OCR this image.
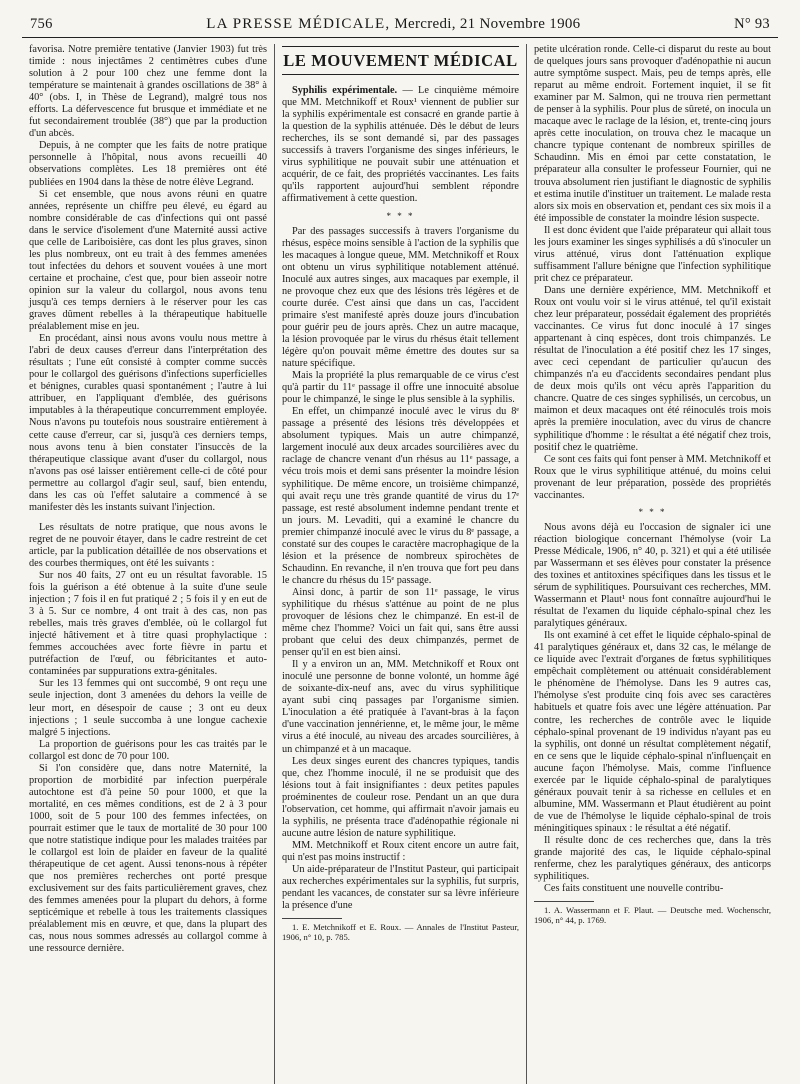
756	LA PRESSE MÉDICALE, Mercredi, 21 Novembre 1906	N° 93

favorisa. Notre première tentative (Janvier 1903) fut très timide : nous injectâmes 2 centimètres cubes d'une solution à 2 pour 100 chez une femme dont la température se maintenait à grandes oscillations de 38° à 40° (obs. I, in Thèse de Legrand), malgré tous nos efforts. La défervescence fut brusque et immédiate et ne fut secondairement troublée (38°) que par la production d'un abcès.

Depuis, à ne compter que les faits de notre pratique personnelle à l'hôpital, nous avons recueilli 40 observations complètes. Les 18 premières ont été publiées en 1904 dans la thèse de notre élève Legrand.

Si cet ensemble, que nous avons réuni en quatre années, représente un chiffre peu élevé, eu égard au nombre considérable de cas d'infections qui ont passé dans le service d'isolement d'une Maternité aussi active que celle de Lariboisière, cas dont les plus graves, sinon les plus nombreux, ont eu trait à des femmes amenées tout infectées du dehors et souvent vouées à une mort certaine et prochaine, c'est que, pour bien asseoir notre opinion sur la valeur du collargol, nous avons tenu jusqu'à ces temps derniers à le réserver pour les cas graves dûment rebelles à la thérapeutique habituelle préalablement mise en jeu.

En procédant, ainsi nous avons voulu nous mettre à l'abri de deux causes d'erreur dans l'interprétation des résultats ; l'une eût consisté à compter comme succès pour le collargol des guérisons d'infections superficielles et bénignes, curables quasi spontanément ; l'autre à lui attribuer, en l'appliquant d'emblée, des guérisons imputables à la thérapeutique concurremment employée. Nous n'avons pu toutefois nous soustraire entièrement à cette cause d'erreur, car si, jusqu'à ces derniers temps, nous avons tenu à bien constater l'insuccès de la thérapeutique classique avant d'user du collargol, nous n'avons pas osé laisser entièrement celle-ci de côté pour permettre au collargol d'agir seul, sauf, bien entendu, dans les cas où l'effet salutaire a commencé à se manifester dès les instants suivant l'injection.

Les résultats de notre pratique, que nous avons le regret de ne pouvoir étayer, dans le cadre restreint de cet article, par la publication détaillée de nos observations et des courbes thermiques, ont été les suivants :

Sur nos 40 faits, 27 ont eu un résultat favorable. 15 fois la guérison a été obtenue à la suite d'une seule injection ; 7 fois il en fut pratiqué 2 ; 5 fois il y en eut de 3 à 5. Sur ce nombre, 4 ont trait à des cas, non pas rebelles, mais très graves d'emblée, où le collargol fut injecté hâtivement et à titre quasi prophylactique : femmes accouchées avec forte fièvre in partu et putréfaction de l'œuf, ou fébricitantes et auto-contaminées par suppurations extra-génitales.

Sur les 13 femmes qui ont succombé, 9 ont reçu une seule injection, dont 3 amenées du dehors la veille de leur mort, en désespoir de cause ; 3 ont eu deux injections ; 1 seule succomba à une longue cachexie malgré 5 injections.

La proportion de guérisons pour les cas traités par le collargol est donc de 70 pour 100.

Si l'on considère que, dans notre Maternité, la proportion de morbidité par infection puerpérale autochtone est d'à peine 50 pour 1000, et que la mortalité, en ces mêmes conditions, est de 2 à 3 pour 1000, soit de 5 pour 100 des femmes infectées, on pourrait estimer que le taux de mortalité de 30 pour 100 que notre statistique indique pour les malades traitées par le collargol est loin de plaider en faveur de la qualité thérapeutique de cet agent. Aussi tenons-nous à répéter que nos premières recherches ont porté presque exclusivement sur des faits particulièrement graves, chez des femmes amenées pour la plupart du dehors, à forme septicémique et rebelle à tous les traitements classiques préalablement mis en œuvre, et que, dans la plupart des cas, nous nous sommes adressés au collargol comme à une ressource dernière.

LE MOUVEMENT MÉDICAL

Syphilis expérimentale. — Le cinquième mémoire que MM. Metchnikoff et Roux¹ viennent de publier sur la syphilis expérimentale est consacré en grande partie à la question de la syphilis atténuée. Dès le début de leurs recherches, ils se sont demandé si, par des passages successifs à travers l'organisme des singes inférieurs, le virus syphilitique ne pouvait subir une atténuation et acquérir, de ce fait, des propriétés vaccinantes. Les faits qu'ils rapportent aujourd'hui semblent répondre affirmativement à cette question.

* * *

Par des passages successifs à travers l'organisme du rhésus, espèce moins sensible à l'action de la syphilis que les macaques à longue queue, MM. Metchnikoff et Roux ont obtenu un virus syphilitique notablement atténué. Inoculé aux autres singes, aux macaques par exemple, il ne provoque chez eux que des lésions très légères et de courte durée. C'est ainsi que dans un cas, l'accident primaire s'est manifesté après douze jours d'incubation pour guérir peu de jours après. Chez un autre macaque, la lésion provoquée par le virus du rhésus était tellement légère qu'on pouvait même émettre des doutes sur sa nature spécifique.

Mais la propriété la plus remarquable de ce virus c'est qu'à partir du 11ᵉ passage il offre une innocuité absolue pour le chimpanzé, le singe le plus sensible à la syphilis.

En effet, un chimpanzé inoculé avec le virus du 8ᵉ passage a présenté des lésions très développées et absolument typiques. Mais un autre chimpanzé, largement inoculé aux deux arcades sourcilières avec du raclage de chancre venant d'un rhésus au 11ᵉ passage, a vécu trois mois et demi sans présenter la moindre lésion syphilitique. De même encore, un troisième chimpanzé, qui avait reçu une très grande quantité de virus du 17ᵉ passage, est resté absolument indemne pendant trente et un jours. M. Levaditi, qui a examiné le chancre du premier chimpanzé inoculé avec le virus du 8ᵉ passage, a constaté sur des coupes le caractère macrophagique de la lésion et la présence de nombreux spirochètes de Schaudinn. En revanche, il n'en trouva que fort peu dans le chancre du rhésus du 15ᵉ passage.

Ainsi donc, à partir de son 11ᵉ passage, le virus syphilitique du rhésus s'atténue au point de ne plus provoquer de lésions chez le chimpanzé. En est-il de même chez l'homme? Voici un fait qui, sans être aussi probant que celui des deux chimpanzés, permet de penser qu'il en est bien ainsi.

Il y a environ un an, MM. Metchnikoff et Roux ont inoculé une personne de bonne volonté, un homme âgé de soixante-dix-neuf ans, avec du virus syphilitique ayant subi cinq passages par l'organisme simien. L'inoculation a été pratiquée à l'avant-bras à la façon d'une vaccination jennérienne, et, le même jour, le même virus a été inoculé, au niveau des arcades sourcilières, à un chimpanzé et à un macaque.

Les deux singes eurent des chancres typiques, tandis que, chez l'homme inoculé, il ne se produisit que des lésions tout à fait insignifiantes : deux petites papules proéminentes de couleur rose. Pendant un an que dura l'observation, cet homme, qui affirmait n'avoir jamais eu la syphilis, ne présenta trace d'adénopathie régionale ni aucune autre lésion de nature syphilitique.

MM. Metchnikoff et Roux citent encore un autre fait, qui n'est pas moins instructif :

Un aide-préparateur de l'Institut Pasteur, qui participait aux recherches expérimentales sur la syphilis, fut surpris, pendant les vacances, de constater sur sa lèvre inférieure la présence d'une

1. E. Metchnikoff et E. Roux. — Annales de l'Institut Pasteur, 1906, n° 10, p. 785.

petite ulcération ronde. Celle-ci disparut du reste au bout de quelques jours sans provoquer d'adénopathie ni aucun autre symptôme suspect. Mais, peu de temps après, elle reparut au même endroit. Fortement inquiet, il se fit examiner par M. Salmon, qui ne trouva rien permettant de penser à la syphilis. Pour plus de sûreté, on inocula un macaque avec le raclage de la lésion, et, trente-cinq jours après cette inoculation, on trouva chez le macaque un chancre typique contenant de nombreux spirilles de Schaudinn. Mis en émoi par cette constatation, le préparateur alla consulter le professeur Fournier, qui ne trouva absolument rien justifiant le diagnostic de syphilis et estima inutile d'instituer un traitement. Le malade resta alors six mois en observation et, pendant ces six mois il a été impossible de constater la moindre lésion suspecte.

Il est donc évident que l'aide préparateur qui allait tous les jours examiner les singes syphilisés a dû s'inoculer un virus atténué, virus dont l'atténuation explique suffisamment l'allure bénigne que l'infection syphilitique prit chez ce préparateur.

Dans une dernière expérience, MM. Metchnikoff et Roux ont voulu voir si le virus atténué, tel qu'il existait chez leur préparateur, possédait également des propriétés vaccinantes. Ce virus fut donc inoculé à 17 singes appartenant à cinq espèces, dont trois chimpanzés. Le résultat de l'inoculation a été positif chez les 17 singes, avec ceci cependant de particulier qu'aucun des chimpanzés n'a eu d'accidents secondaires pendant plus de deux mois qu'ils ont vécu après l'apparition du chancre. Quatre de ces singes syphilisés, un cercobus, un maimon et deux macaques ont été réinoculés trois mois après la première inoculation, avec du virus de chancre syphilitique d'homme : le résultat a été négatif chez trois, positif chez le quatrième.

Ce sont ces faits qui font penser à MM. Metchnikoff et Roux que le virus syphilitique atténué, du moins celui provenant de leur préparation, possède des propriétés vaccinantes.

* * *

Nous avons déjà eu l'occasion de signaler ici une réaction biologique concernant l'hémolyse (voir La Presse Médicale, 1906, n° 40, p. 321) et qui a été utilisée par Wassermann et ses élèves pour constater la présence des toxines et antitoxines spécifiques dans les tissus et le sérum de syphilitiques. Poursuivant ces recherches, MM. Wassermann et Plaut¹ nous font connaître aujourd'hui le résultat de l'examen du liquide céphalo-spinal chez les paralytiques généraux.

Ils ont examiné à cet effet le liquide céphalo-spinal de 41 paralytiques généraux et, dans 32 cas, le mélange de ce liquide avec l'extrait d'organes de fœtus syphilitiques empêchait complètement ou atténuait considérablement le phénomène de l'hémolyse. Dans les 9 autres cas, l'hémolyse s'est produite cinq fois avec ses caractères habituels et quatre fois avec une légère atténuation. Par contre, les recherches de contrôle avec le liquide céphalo-spinal provenant de 19 individus n'ayant pas eu la syphilis, ont donné un résultat complètement négatif, en ce sens que le liquide céphalo-spinal n'influençait en aucune façon l'hémolyse. Mais, comme l'influence exercée par le liquide céphalo-spinal de paralytiques généraux pouvait tenir à sa richesse en cellules et en albumine, MM. Wassermann et Plaut étudièrent au point de vue de l'hémolyse le liquide céphalo-spinal de trois méningitiques spinaux : le résultat a été négatif.

Il résulte donc de ces recherches que, dans la très grande majorité des cas, le liquide céphalo-spinal renferme, chez les paralytiques généraux, des anticorps syphilitiques.

Ces faits constituent une nouvelle contribu-

1. A. Wassermann et F. Plaut. — Deutsche med. Wochenschr, 1906, n° 44, p. 1769.
